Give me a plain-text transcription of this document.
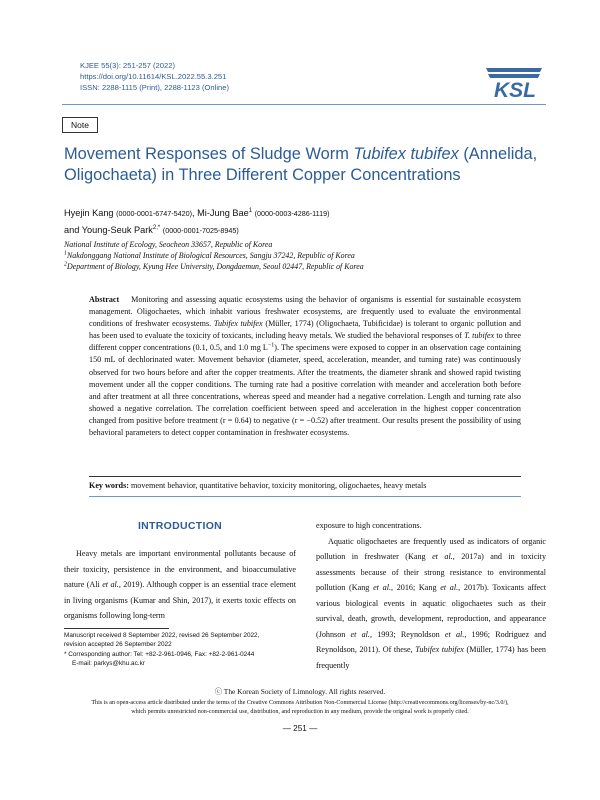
KJEE 55(3): 251-257 (2022)
https://doi.org/10.11614/KSL.2022.55.3.251
ISSN: 2288-1115 (Print), 2288-1123 (Online)	KSL
Note
Movement Responses of Sludge Worm Tubifex tubifex (Annelida, Oligochaeta) in Three Different Copper Concentrations
Hyejin Kang (0000-0001-6747-5420), Mi-Jung Bae$^1$ (0000-0003-4286-1119)
and Young-Seuk Park$^{2,*}$ (0000-0001-7025-8945)
National Institute of Ecology, Seocheon 33657, Republic of Korea
$^1$Nakdonggang National Institute of Biological Resources, Sangju 37242, Republic of Korea
$^2$Department of Biology, Kyung Hee University, Dongdaemun, Seoul 02447, Republic of Korea
Abstract Monitoring and assessing aquatic ecosystems using the behavior of organisms is essential for sustainable ecosystem management. Oligochaetes, which inhabit various freshwater ecosystems, are frequently used to evaluate the environmental conditions of freshwater ecosystems. Tubifex tubifex (Müller, 1774) (Oligochaeta, Tubificidae) is tolerant to organic pollution and has been used to evaluate the toxicity of toxicants, including heavy metals. We studied the behavioral responses of T. tubifex to three different copper concentrations (0.1, 0.5, and 1.0 mg $L^{-1}$). The specimens were exposed to copper in an observation cage containing 150 mL of dechlorinated water. Movement behavior (diameter, speed, acceleration, meander, and turning rate) was continuously observed for two hours before and after the copper treatments. After the treatments, the diameter shrank and showed rapid twisting movement under all the copper conditions. The turning rate had a positive correlation with meander and acceleration both before and after treatment at all three concentrations, whereas speed and meander had a negative correlation. Length and turning rate also showed a negative correlation. The correlation coefficient between speed and acceleration in the highest copper concentration changed from positive before treatment (r = 0.64) to negative (r = −0.52) after treatment. Our results present the possibility of using behavioral parameters to detect copper contamination in freshwater ecosystems.
Key words: movement behavior, quantitative behavior, toxicity monitoring, oligochaetes, heavy metals
INTRODUCTION
Heavy metals are important environmental pollutants because of their toxicity, persistence in the environment, and bioaccumulative nature (Ali et al., 2019). Although copper is an essential trace element in living organisms (Kumar and Shin, 2017), it exerts toxic effects on organisms following long-term

exposure to high concentrations.

Aquatic oligochaetes are frequently used as indicators of organic pollution in freshwater (Kang et al., 2017a) and in toxicity assessments because of their strong resistance to environmental pollution (Kang et al., 2016; Kang et al., 2017b). Toxicants affect various biological events in aquatic oligochaetes such as their survival, death, growth, development, reproduction, and appearance (Johnson et al., 1993; Reynoldson et al., 1996; Rodriguez and Reynoldson, 2011). Of these, Tubifex tubifex (Müller, 1774) has been frequently

Manuscript received 8 September 2022, revised 26 September 2022,
revision accepted 26 September 2022
* Corresponding author: Tel: +82-2-961-0946, Fax: +82-2-961-0244
E-mail: parkys@khu.ac.kr
ⓒ The Korean Society of Limnology. All rights reserved.
This is an open-access article distributed under the terms of the Creative Commons Attribution Non-Commercial License (http://creativecommons.org/licenses/by-nc/3.0/),
which permits unrestricted non-commercial use, distribution, and reproduction in any medium, provide the original work is properly cited.
— 251 —
